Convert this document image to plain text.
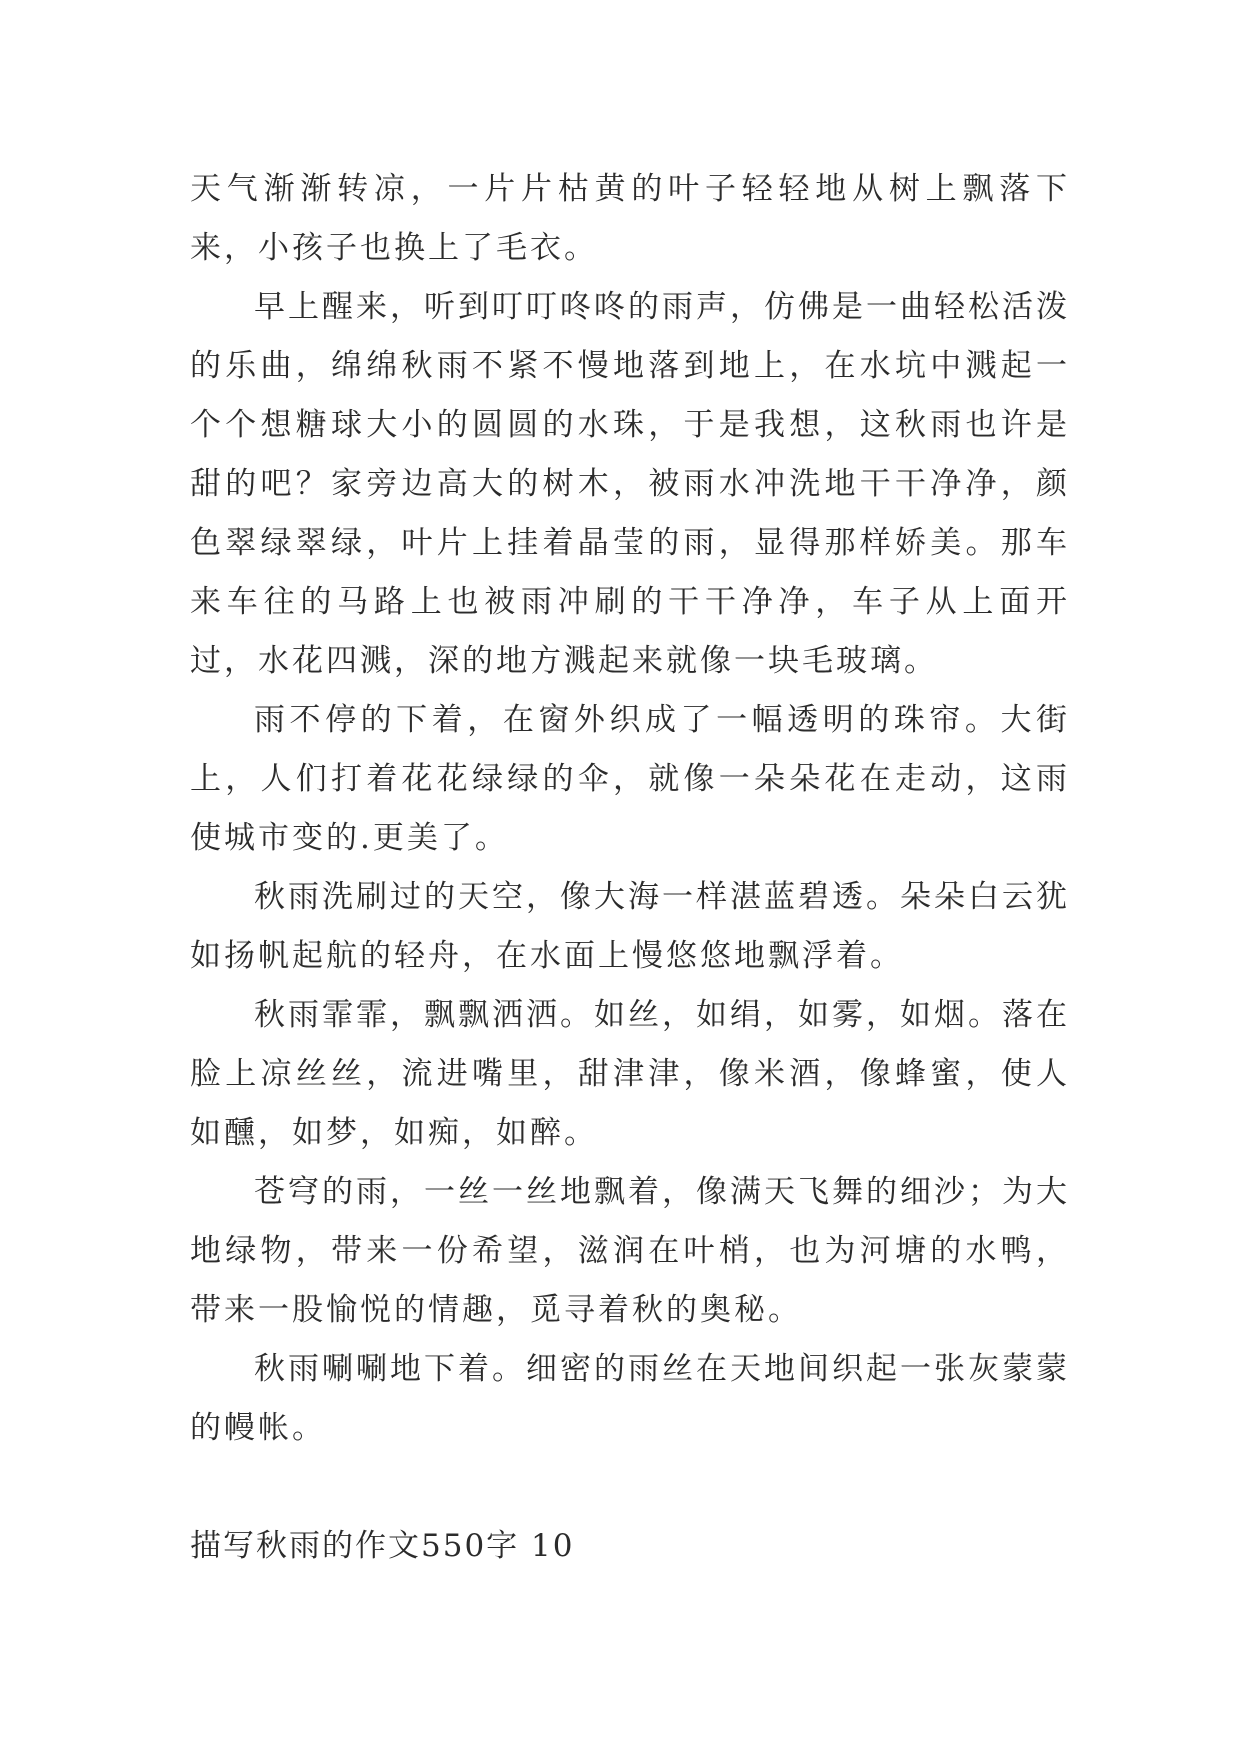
天气渐渐转凉，一片片枯黄的叶子轻轻地从树上飘落下来，小孩子也换上了毛衣。

早上醒来，听到叮叮咚咚的雨声，仿佛是一曲轻松活泼的乐曲，绵绵秋雨不紧不慢地落到地上，在水坑中溅起一个个想糖球大小的圆圆的水珠，于是我想，这秋雨也许是甜的吧？家旁边高大的树木，被雨水冲洗地干干净净，颜色翠绿翠绿，叶片上挂着晶莹的雨，显得那样娇美。那车来车往的马路上也被雨冲刷的干干净净，车子从上面开过，水花四溅，深的地方溅起来就像一块毛玻璃。

雨不停的下着，在窗外织成了一幅透明的珠帘。大街上，人们打着花花绿绿的伞，就像一朵朵花在走动，这雨使城市变的.更美了。

秋雨洗刷过的天空，像大海一样湛蓝碧透。朵朵白云犹如扬帆起航的轻舟，在水面上慢悠悠地飘浮着。

秋雨霏霏，飘飘洒洒。如丝，如绢，如雾，如烟。落在脸上凉丝丝，流进嘴里，甜津津，像米酒，像蜂蜜，使人如醺，如梦，如痴，如醉。

苍穹的雨，一丝一丝地飘着，像满天飞舞的细沙；为大地绿物，带来一份希望，滋润在叶梢，也为河塘的水鸭，带来一股愉悦的情趣，觅寻着秋的奥秘。

秋雨唰唰地下着。细密的雨丝在天地间织起一张灰蒙蒙的幔帐。

描写秋雨的作文550字 10
